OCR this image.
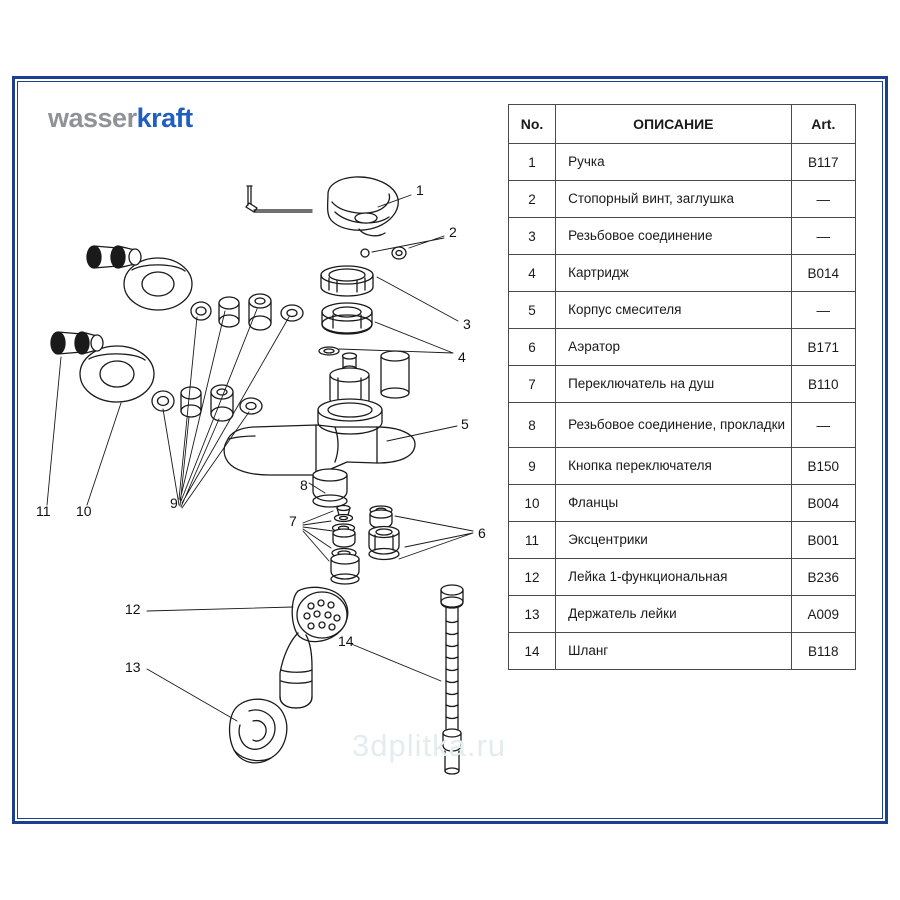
wasserkraft
1
2
3
4
5
6
7
8
9
10
11
12
13
14
3dplitka.ru
No.	ОПИСАНИЕ	Art.
1	Ручка	B117
2	Стопорный винт, заглушка	—
3	Резьбовое соединение	—
4	Картридж	B014
5	Корпус смесителя	—
6	Аэратор	B171
7	Переключатель на душ	B110
8	Резьбовое соединение, прокладки	—
9	Кнопка переключателя	B150
10	Фланцы	B004
11	Эксцентрики	B001
12	Лейка 1-функциональная	B236
13	Держатель лейки	A009
14	Шланг	B118
